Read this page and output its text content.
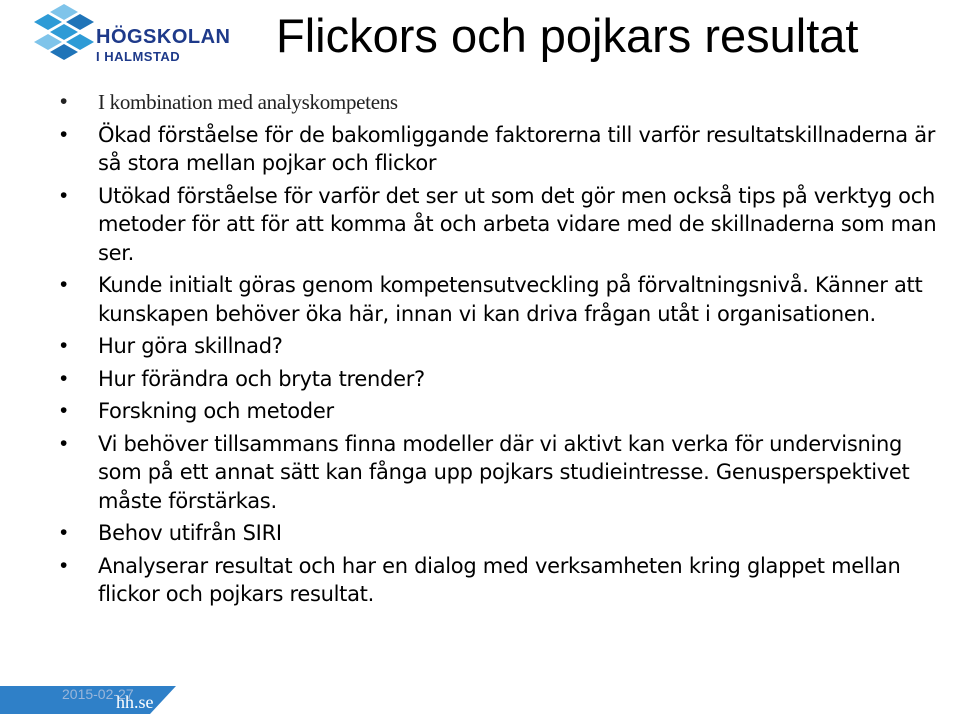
HÖGSKOLAN
I HALMSTAD Flickors och pojkars resultat
• I kombination med analyskompetens
• Ökad förståelse för de bakomliggande faktorerna till varför resultatskillnaderna är så stora mellan pojkar och flickor
• Utökad förståelse för varför det ser ut som det gör men också tips på verktyg och metoder för att för att komma åt och arbeta vidare med de skillnaderna som man ser.
• Kunde initialt göras genom kompetensutveckling på förvaltningsnivå. Känner att kunskapen behöver öka här, innan vi kan driva frågan utåt i organisationen.
• Hur göra skillnad?
• Hur förändra och bryta trender?
• Forskning och metoder
• Vi behöver tillsammans finna modeller där vi aktivt kan verka för undervisning som på ett annat sätt kan fånga upp pojkars studieintresse. Genusperspektivet måste förstärkas.
• Behov utifrån SIRI
• Analyserar resultat och har en dialog med verksamheten kring glappet mellan flickor och pojkars resultat.
2015-02-27
hh.se
